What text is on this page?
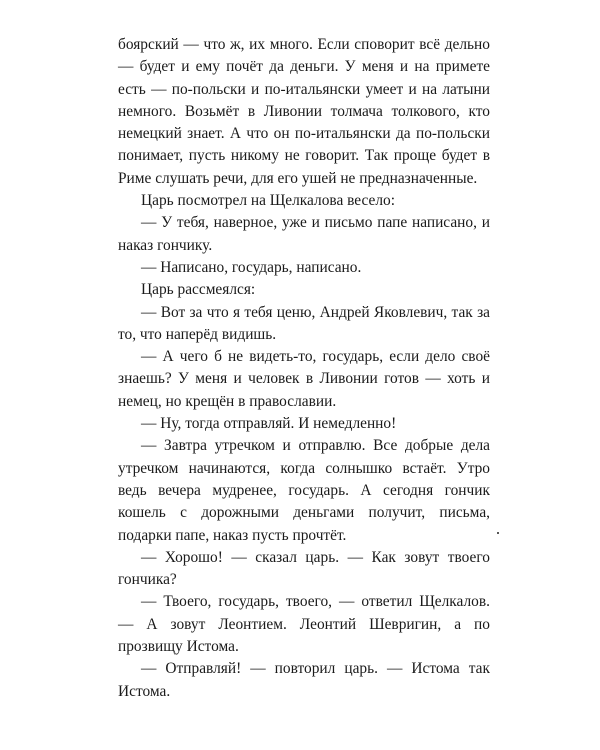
боярский — что ж, их много. Если споворит всё дельно — будет и ему почёт да деньги. У меня и на примете есть — по-польски и по-итальянски умеет и на латыни немного. Возьмёт в Ливонии толмача толкового, кто немецкий знает. А что он по-итальянски да по-польски понимает, пусть никому не говорит. Так проще будет в Риме слушать речи, для его ушей не предназначенные.

Царь посмотрел на Щелкалова весело:

— У тебя, наверное, уже и письмо папе написано, и наказ гончику.

— Написано, государь, написано.

Царь рассмеялся:

— Вот за что я тебя ценю, Андрей Яковлевич, так за то, что наперёд видишь.

— А чего б не видеть-то, государь, если дело своё знаешь? У меня и человек в Ливонии готов — хоть и немец, но крещён в православии.

— Ну, тогда отправляй. И немедленно!

— Завтра утречком и отправлю. Все добрые дела утречком начинаются, когда солнышко встаёт. Утро ведь вечера мудренее, государь. А сегодня гончик кошель с дорожными деньгами получит, письма, подарки папе, наказ пусть прочтёт.

— Хорошо! — сказал царь. — Как зовут твоего гончика?

— Твоего, государь, твоего, — ответил Щелкалов. — А зовут Леонтием. Леонтий Шевригин, а по прозвищу Истома.

— Отправляй! — повторил царь. — Истома так Истома.
